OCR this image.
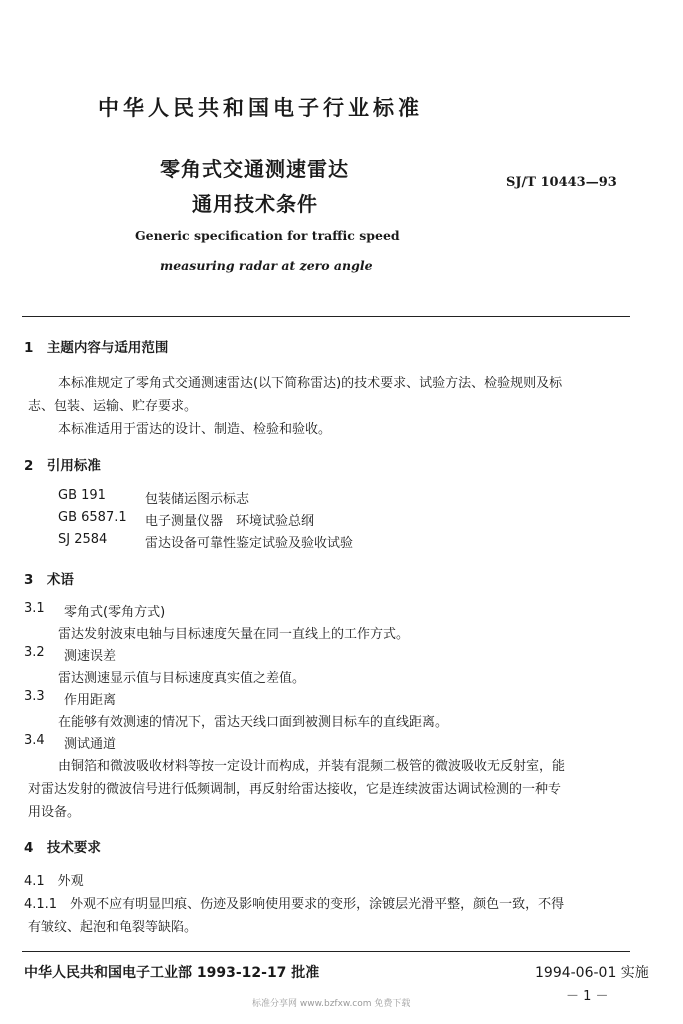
中华人民共和国电子行业标准
零角式交通测速雷达
通用技术条件
SJ/T 10443—93
Generic specification for traffic speed
measuring radar at zero angle
1　主题内容与适用范围
本标准规定了零角式交通测速雷达(以下简称雷达)的技术要求、试验方法、检验规则及标
志、包装、运输、贮存要求。
本标准适用于雷达的设计、制造、检验和验收。
2　引用标准
GB 191	包装储运图示标志
GB 6587.1 电子测量仪器　环境试验总纲
SJ 2584	雷达设备可靠性鉴定试验及验收试验
3　术语
3.1 零角式(零角方式)
雷达发射波束电轴与目标速度矢量在同一直线上的工作方式。
3.2 测速误差
雷达测速显示值与目标速度真实值之差值。
3.3 作用距离
在能够有效测速的情况下，雷达天线口面到被测目标车的直线距离。
3.4 测试通道
由铜箔和微波吸收材料等按一定设计而构成，并装有混频二极管的微波吸收无反射室，能
对雷达发射的微波信号进行低频调制，再反射给雷达接收，它是连续波雷达调试检测的一种专
用设备。
4　技术要求
4.1　外观
4.1.1　外观不应有明显凹痕、伤迹及影响使用要求的变形，涂镀层光滑平整，颜色一致，不得
有皱纹、起泡和龟裂等缺陷。
中华人民共和国电子工业部 1993-12-17 批准	1994-06-01 实施
－ 1 －
标准分享网 www.bzfxw.com 免费下载
